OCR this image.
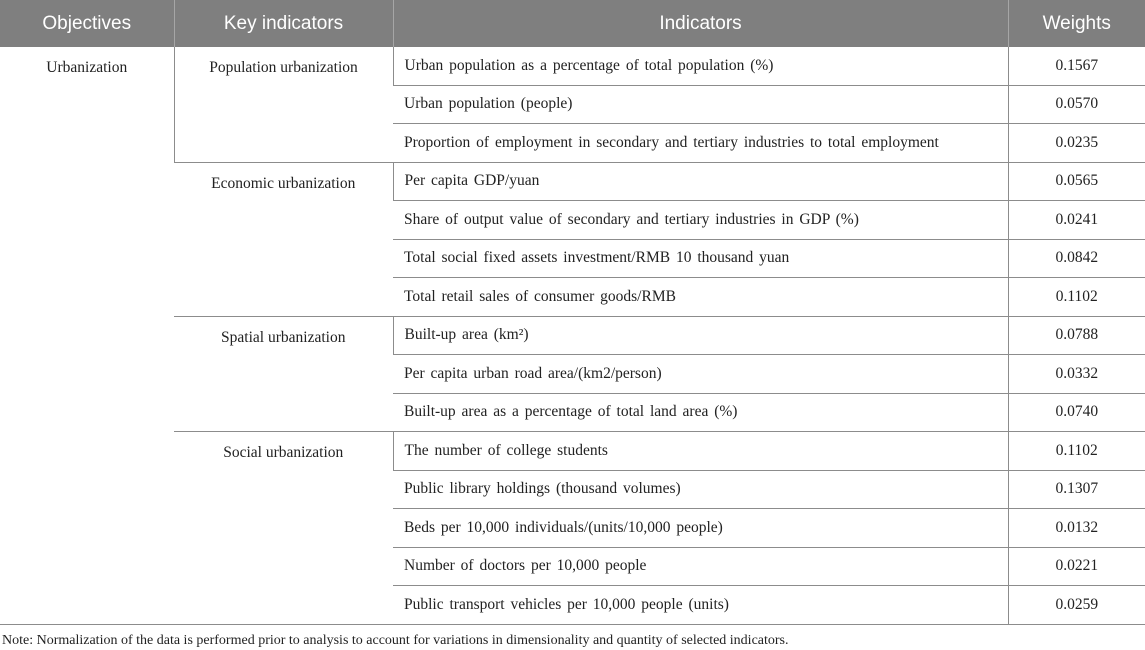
Objectives	Key indicators	Indicators	Weights
Urbanization	Population urbanization	Urban population as a percentage of total population (%)	0.1567
		Urban population (people)	0.0570
		Proportion of employment in secondary and tertiary industries to total employment	0.0235
	Economic urbanization	Per capita GDP/yuan	0.0565
		Share of output value of secondary and tertiary industries in GDP (%)	0.0241
		Total social fixed assets investment/RMB 10 thousand yuan	0.0842
		Total retail sales of consumer goods/RMB	0.1102
	Spatial urbanization	Built-up area (km²)	0.0788
		Per capita urban road area/(km2/person)	0.0332
		Built-up area as a percentage of total land area (%)	0.0740
	Social urbanization	The number of college students	0.1102
		Public library holdings (thousand volumes)	0.1307
		Beds per 10,000 individuals/(units/10,000 people)	0.0132
		Number of doctors per 10,000 people	0.0221
		Public transport vehicles per 10,000 people (units)	0.0259
Note: Normalization of the data is performed prior to analysis to account for variations in dimensionality and quantity of selected indicators.
